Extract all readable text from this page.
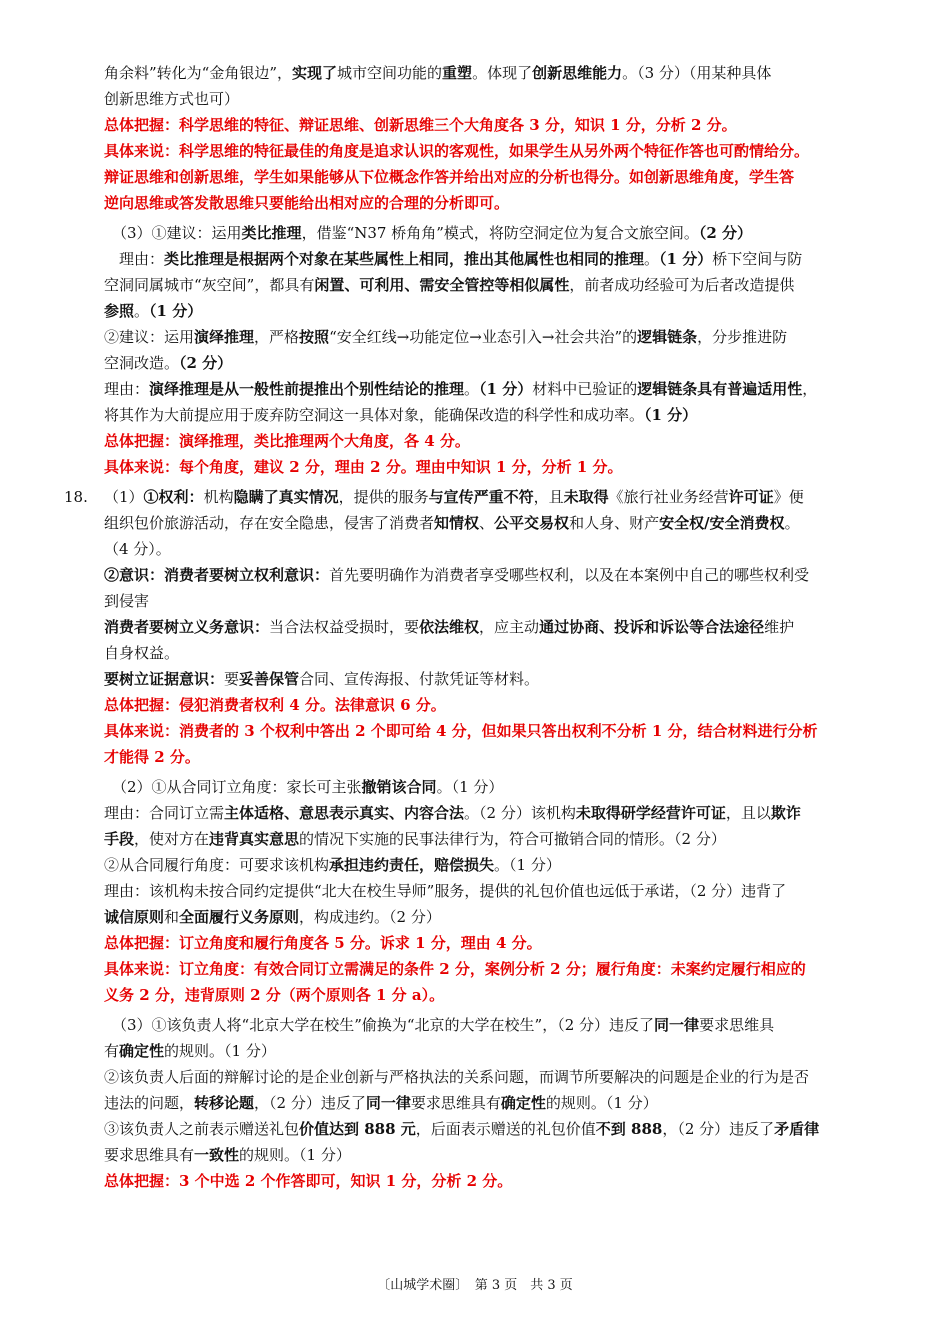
角余料”转化为“金角银边”，实现了城市空间功能的重塑。体现了创新思维能力。（3 分）（用某种具体
创新思维方式也可）
总体把握：科学思维的特征、辩证思维、创新思维三个大角度各 3 分，知识 1 分，分析 2 分。
具体来说：科学思维的特征最佳的角度是追求认识的客观性，如果学生从另外两个特征作答也可酌情给分。
辩证思维和创新思维，学生如果能够从下位概念作答并给出对应的分析也得分。如创新思维角度，学生答
逆向思维或答发散思维只要能给出相对应的合理的分析即可。
（3）①建议：运用类比推理，借鉴“N37 桥角角”模式，将防空洞定位为复合文旅空间。（2 分）
　理由：类比推理是根据两个对象在某些属性上相同，推出其他属性也相同的推理。（1 分）桥下空间与防
空洞同属城市“灰空间”，都具有闲置、可利用、需安全管控等相似属性，前者成功经验可为后者改造提供
参照。（1 分）
②建议：运用演绎推理，严格按照“安全红线→功能定位→业态引入→社会共治”的逻辑链条，分步推进防
空洞改造。（2 分）
理由：演绎推理是从一般性前提推出个别性结论的推理。（1 分）材料中已验证的逻辑链条具有普遍适用性，
将其作为大前提应用于废弃防空洞这一具体对象，能确保改造的科学性和成功率。（1 分）
总体把握：演绎推理，类比推理两个大角度，各 4 分。
具体来说：每个角度，建议 2 分，理由 2 分。理由中知识 1 分，分析 1 分。
（1）①权利：机构隐瞒了真实情况，提供的服务与宣传严重不符，且未取得《旅行社业务经营许可证》便
组织包价旅游活动，存在安全隐患，侵害了消费者知情权、公平交易权和人身、财产安全权/安全消费权。
（4 分）。
②意识：消费者要树立权利意识：首先要明确作为消费者享受哪些权利，以及在本案例中自己的哪些权利受
到侵害
消费者要树立义务意识：当合法权益受损时，要依法维权，应主动通过协商、投诉和诉讼等合法途径维护
自身权益。
要树立证据意识：要妥善保管合同、宣传海报、付款凭证等材料。
总体把握：侵犯消费者权利 4 分。法律意识 6 分。
具体来说：消费者的 3 个权利中答出 2 个即可给 4 分，但如果只答出权利不分析 1 分，结合材料进行分析
才能得 2 分。
（2）①从合同订立角度：家长可主张撤销该合同。（1 分）
理由：合同订立需主体适格、意思表示真实、内容合法。（2 分）该机构未取得研学经营许可证，且以欺诈
手段，使对方在违背真实意思的情况下实施的民事法律行为，符合可撤销合同的情形。（2 分）
②从合同履行角度：可要求该机构承担违约责任，赔偿损失。（1 分）
理由：该机构未按合同约定提供“北大在校生导师”服务，提供的礼包价值也远低于承诺，（2 分）违背了
诚信原则和全面履行义务原则，构成违约。（2 分）
总体把握：订立角度和履行角度各 5 分。诉求 1 分，理由 4 分。
具体来说：订立角度：有效合同订立需满足的条件 2 分，案例分析 2 分；履行角度：未案约定履行相应的
义务 2 分，违背原则 2 分（两个原则各 1 分 a）。
（3）①该负责人将“北京大学在校生”偷换为“北京的大学在校生”，（2 分）违反了同一律要求思维具
有确定性的规则。（1 分）
②该负责人后面的辩解讨论的是企业创新与严格执法的关系问题，而调节所要解决的问题是企业的行为是否
违法的问题，转移论题，（2 分）违反了同一律要求思维具有确定性的规则。（1 分）
③该负责人之前表示赠送礼包价值达到 888 元，后面表示赠送的礼包价值不到 888，（2 分）违反了矛盾律
要求思维具有一致性的规则。（1 分）
总体把握：3 个中选 2 个作答即可，知识 1 分，分析 2 分。
18.
〔山城学术圈〕　第 3 页　共 3 页
